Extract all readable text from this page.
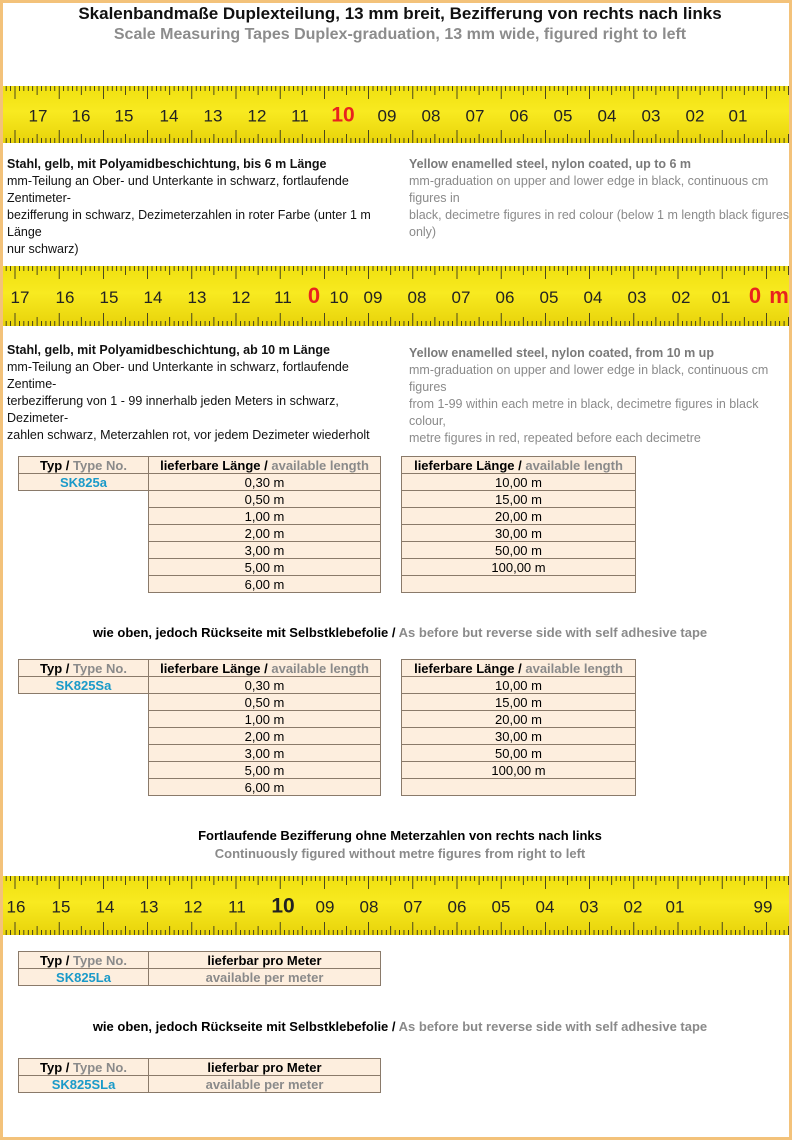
Skalenbandmaße Duplexteilung, 13 mm breit, Bezifferung von rechts nach links
Scale Measuring Tapes Duplex-graduation, 13 mm wide, figured right to left
17 16 15 14 13 12 11 10 09 08 07 06 05 04 03 02 01
Stahl, gelb, mit Polyamidbeschichtung, bis 6 m Länge
mm-Teilung an Ober- und Unterkante in schwarz, fortlaufende Zentimeter-
bezifferung in schwarz, Dezimeterzahlen in roter Farbe (unter 1 m Länge
nur schwarz)
Yellow enamelled steel, nylon coated, up to 6 m
mm-graduation on upper and lower edge in black, continuous cm figures in
black, decimetre figures in red colour (below 1 m length black figures only)
17 16 15 14 13 12 11 0 10 09 08 07 06 05 04 03 02 01 0 m
Stahl, gelb, mit Polyamidbeschichtung, ab 10 m Länge
mm-Teilung an Ober- und Unterkante in schwarz, fortlaufende Zentime-
terbezifferung von 1 - 99 innerhalb jeden Meters in schwarz, Dezimeter-
zahlen schwarz, Meterzahlen rot, vor jedem Dezimeter wiederholt
Yellow enamelled steel, nylon coated, from 10 m up
mm-graduation on upper and lower edge in black, continuous cm figures
from 1-99 within each metre in black, decimetre figures in black colour,
metre figures in red, repeated before each decimetre
Typ / Type No.	lieferbare Länge / available length
SK825a	0,30 m
	0,50 m
	1,00 m
	2,00 m
	3,00 m
	5,00 m
	6,00 m
lieferbare Länge / available length
10,00 m
15,00 m
20,00 m
30,00 m
50,00 m
100,00 m

wie oben, jedoch Rückseite mit Selbstklebefolie / As before but reverse side with self adhesive tape
Typ / Type No.	lieferbare Länge / available length
SK825Sa	0,30 m
	0,50 m
	1,00 m
	2,00 m
	3,00 m
	5,00 m
	6,00 m
lieferbare Länge / available length
10,00 m
15,00 m
20,00 m
30,00 m
50,00 m
100,00 m

Fortlaufende Bezifferung ohne Meterzahlen von rechts nach links
Continuously figured without metre figures from right to left
16 15 14 13 12 11 10 09 08 07 06 05 04 03 02 01	99
Typ / Type No.	lieferbar pro Meter
SK825La	available per meter
wie oben, jedoch Rückseite mit Selbstklebefolie / As before but reverse side with self adhesive tape
Typ / Type No.	lieferbar pro Meter
SK825SLa	available per meter
